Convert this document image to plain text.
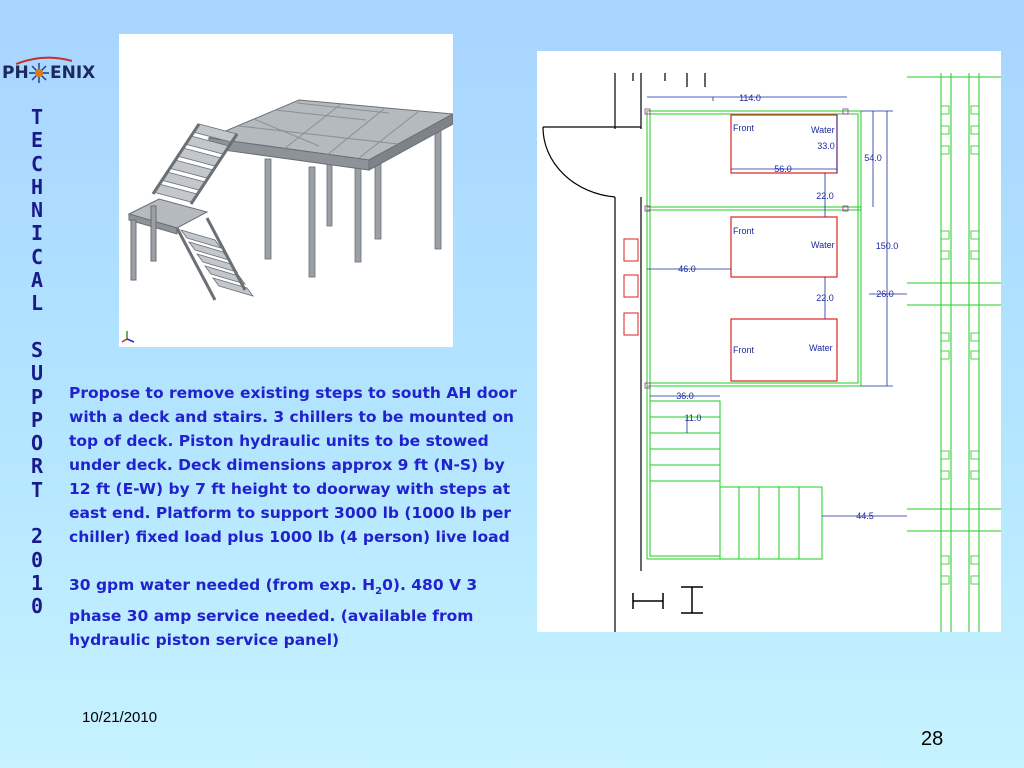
PH ENIX
T
E
C
H
N
I
C
A
L

S
U
P
P
O
R
T

2
0
1
0
Front	Water
Front
Water
Front	Water
114.0
33.0
56.0
54.0
22.0
150.0
46.0
22.0	26.0
36.0
11.0
44.5

Propose to remove existing steps to south AH door with a deck and stairs. 3 chillers to be mounted on top of deck. Piston hydraulic units to be stowed under deck. Deck dimensions approx 9 ft (N-S) by 12 ft (E-W) by 7 ft height to doorway with steps at east end. Platform to support 3000 lb (1000 lb per chiller) fixed load plus 1000 lb (4 person) live load

30 gpm water needed (from exp. $H_20$). 480 V 3 phase 30 amp service needed. (available from hydraulic piston service panel)

10/21/2010
28
